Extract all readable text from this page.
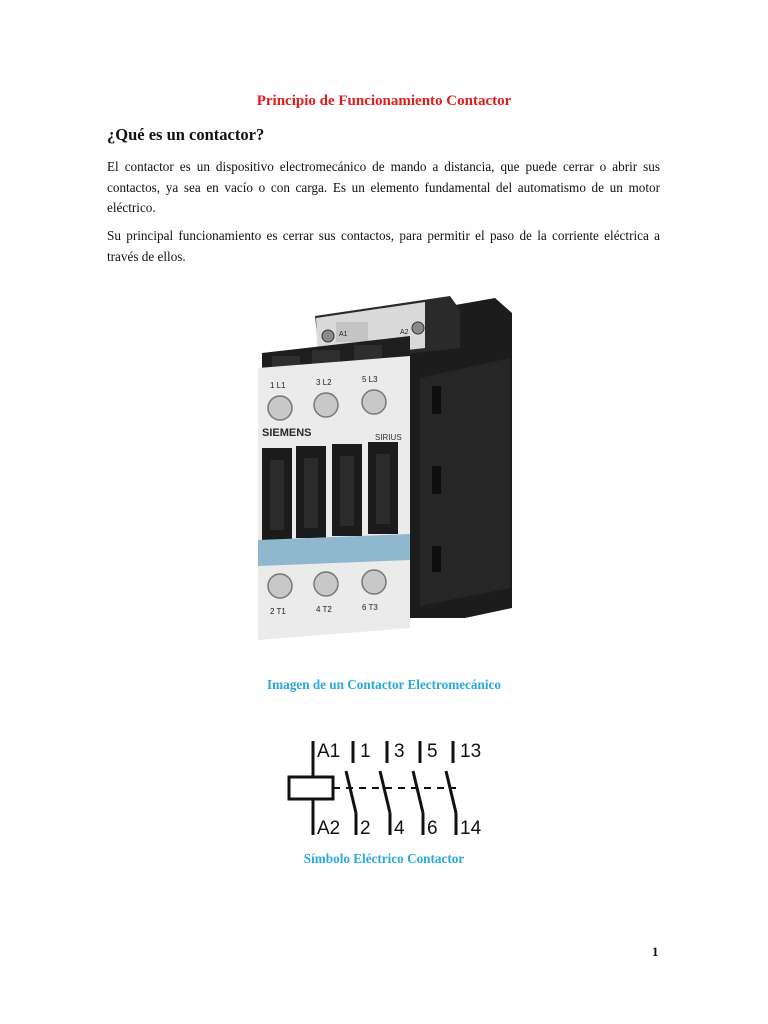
Principio de Funcionamiento Contactor
¿Qué es un contactor?
El contactor es un dispositivo electromecánico de mando a distancia, que puede cerrar o abrir sus contactos, ya sea en vacío o con carga. Es un elemento fundamental del automatismo de un motor eléctrico.
Su principal funcionamiento es cerrar sus contactos, para permitir el paso de la corriente eléctrica a través de ellos.
A1	A2
1 L1	3 L2	5 L3
SIEMENS	SIRIUS
2 T1	4 T2	6 T3
Imagen de un Contactor Electromecánico
A1 1 3 5 13
A2 2 4 6 14
Símbolo Eléctrico Contactor
1
